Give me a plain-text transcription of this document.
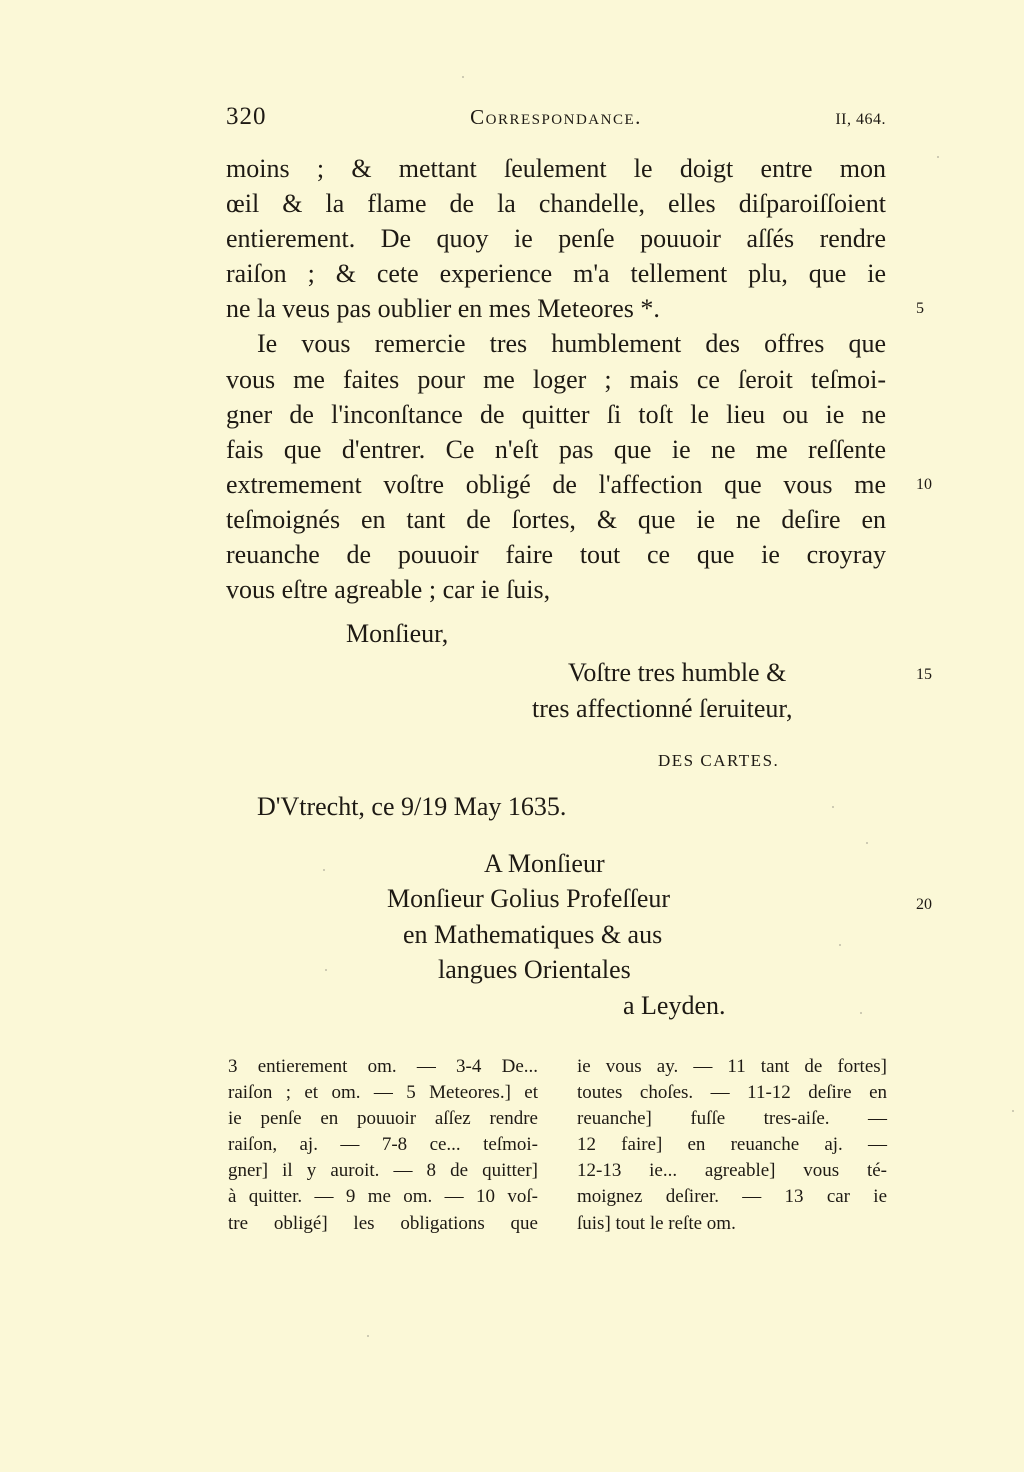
320	Correspondance.	II, 464.
moins ; & mettant ſeulement le doigt entre mon
œil & la flame de la chandelle, elles diſparoiſſoient
entierement. De quoy ie penſe pouuoir aſſés rendre
raiſon ; & cete experience m'a tellement plu, que ie
ne la veus pas oublier en mes Meteores *.
Ie vous remercie tres humblement des offres que
vous me faites pour me loger ; mais ce ſeroit teſmoi-
gner de l'inconſtance de quitter ſi toſt le lieu ou ie ne
fais que d'entrer. Ce n'eſt pas que ie ne me reſſente
extremement voſtre obligé de l'affection que vous me
teſmoignés en tant de ſortes, & que ie ne deſire en
reuanche de pouuoir faire tout ce que ie croyray
vous eſtre agreable ; car ie ſuis,
5
10
15
20
Monſieur,
Voſtre tres humble &
tres affectionné ſeruiteur,
DES CARTES.
D'Vtrecht, ce 9/19 May 1635.
A Monſieur
Monſieur Golius Profeſſeur
en Mathematiques & aus
langues Orientales
a Leyden.
3 entierement om. — 3-4 De...
raiſon ; et om. — 5 Meteores.] et
ie penſe en pouuoir aſſez rendre
raiſon, aj. — 7-8 ce... teſmoi-
gner] il y auroit. — 8 de quitter]
à quitter. — 9 me om. — 10 voſ-
tre obligé] les obligations que
ie vous ay. — 11 tant de fortes]
toutes choſes. — 11-12 deſire en
reuanche] fuſſe tres-aiſe. —
12 faire] en reuanche aj. —
12-13 ie... agreable] vous té-
moignez deſirer. — 13 car ie
ſuis] tout le reſte om.
